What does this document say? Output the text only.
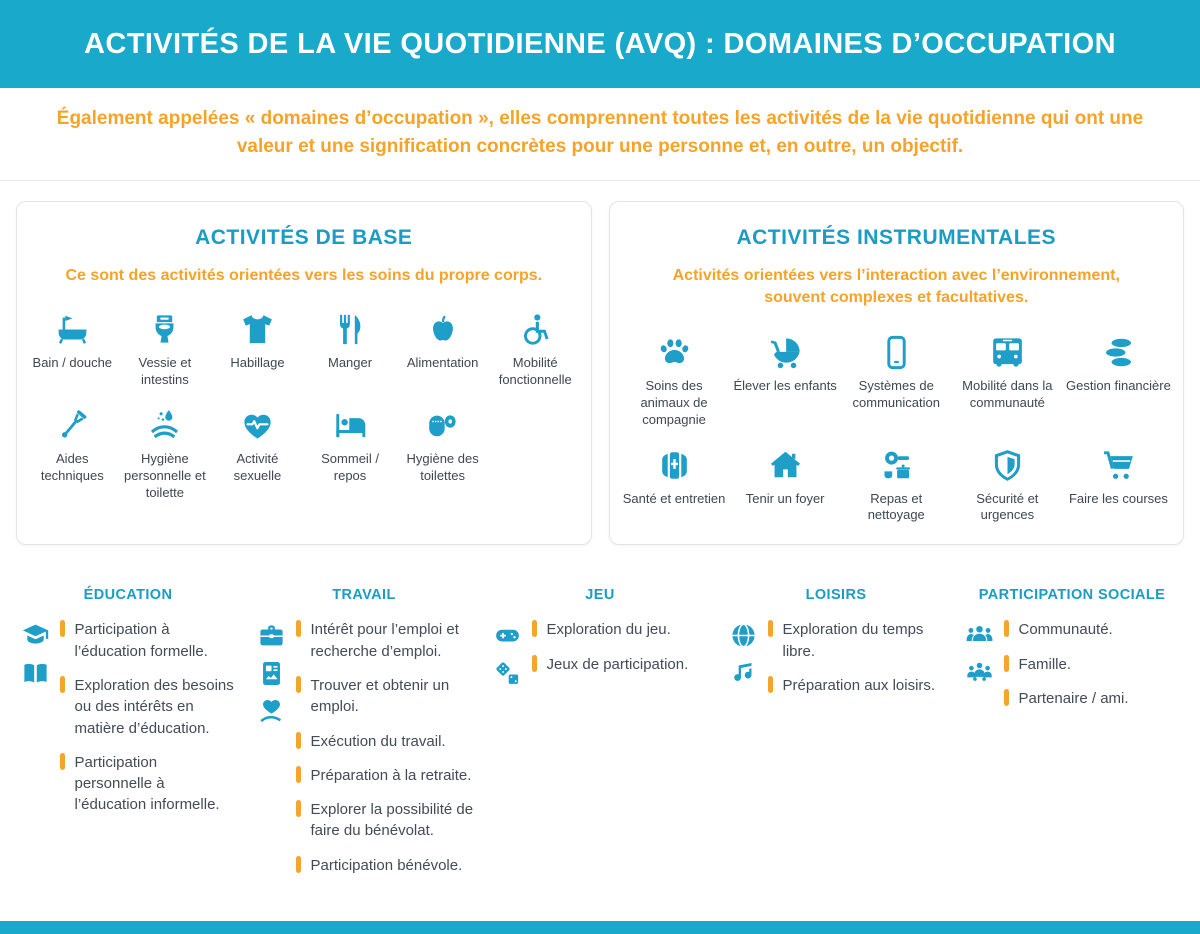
ACTIVITÉS DE LA VIE QUOTIDIENNE (AVQ) : DOMAINES D’OCCUPATION

Également appelées « domaines d’occupation », elles comprennent toutes les activités de la vie quotidienne qui ont une valeur et une signification concrètes pour une personne et, en outre, un objectif.

ACTIVITÉS DE BASE

Ce sont des activités orientées vers les soins du propre corps.

Bain / douche	Vessie et intestins
Habillage	Manger	Alimentation	Mobilité fonctionnelle
Aides techniques
Hygiène personnelle et toilette
Activité sexuelle
Sommeil / repos
Hygiène des toilettes
ACTIVITÉS INSTRUMENTALES

Activités orientées vers l’interaction avec l’environnement, souvent complexes et facultatives.

Soins des animaux de compagnie
Élever les enfants	Systèmes de communication
Mobilité dans la communauté
Gestion financière
Santé et entretien Tenir un foyer	Repas et nettoyage
Sécurité et urgences
Faire les courses
ÉDUCATION
Participation à l’éducation formelle.
Exploration des besoins ou des intérêts en matière d’éducation.
Participation personnelle à l’éducation informelle.
TRAVAIL
Intérêt pour l’emploi et recherche d’emploi.
Trouver et obtenir un emploi.
Exécution du travail.
Préparation à la retraite.
Explorer la possibilité de faire du bénévolat.
Participation bénévole.
JEU
Exploration du jeu.
Jeux de participation.
LOISIRS
Exploration du temps libre.
Préparation aux loisirs.
PARTICIPATION SOCIALE
Communauté.
Famille.
Partenaire / ami.
